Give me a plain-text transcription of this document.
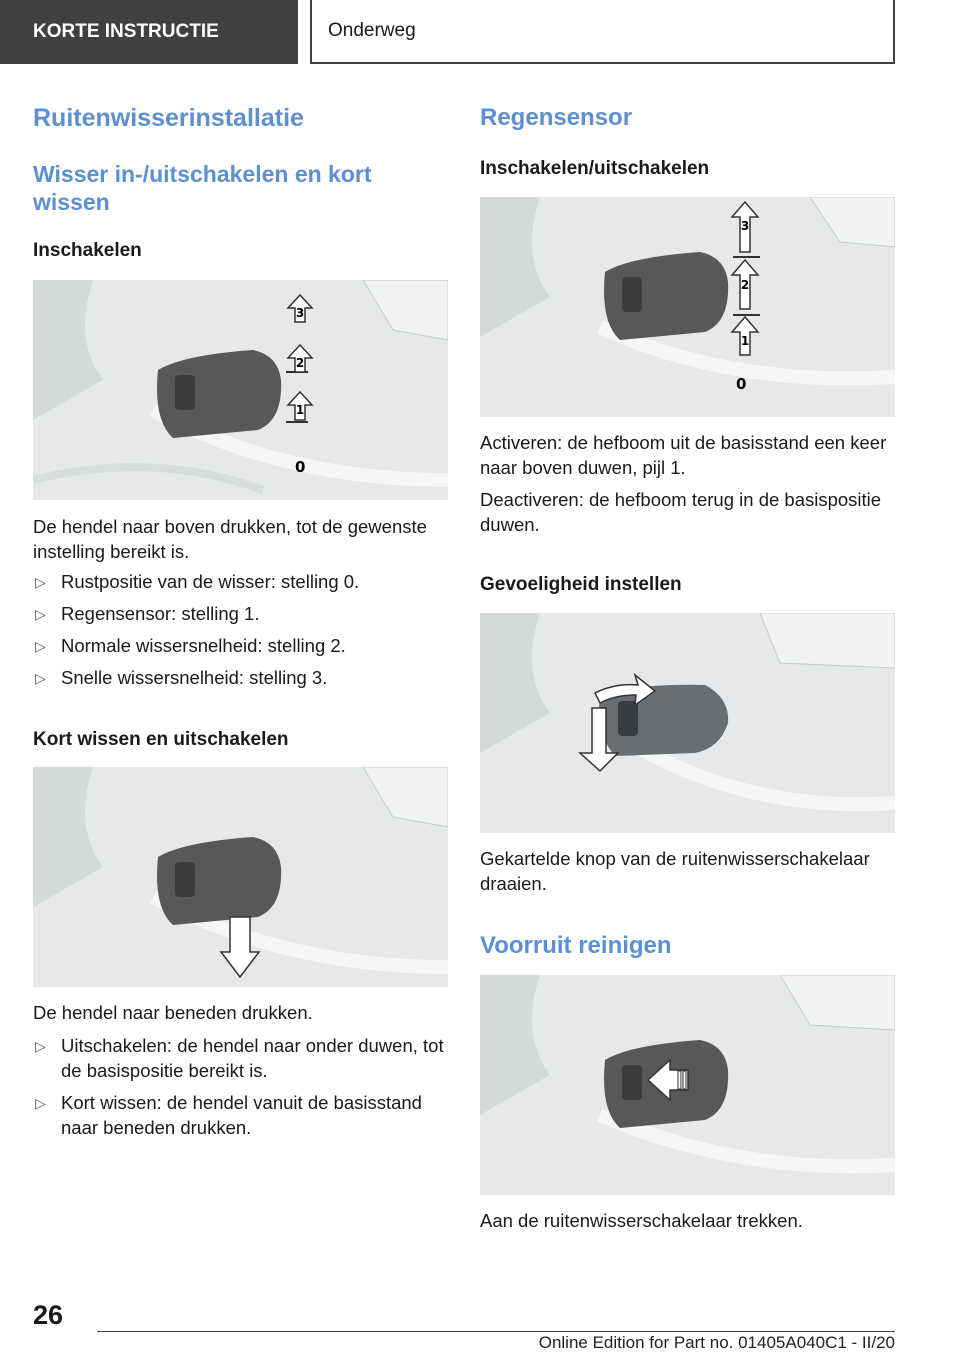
KORTE INSTRUCTIE	Onderweg
Ruitenwisserinstallatie
Wisser in-/uitschakelen en kort wissen
Inschakelen
1
2
3
0
De hendel naar boven drukken, tot de gewenste instelling bereikt is.
▷ Rustpositie van de wisser: stelling 0.
▷ Regensensor: stelling 1.
▷ Normale wissersnelheid: stelling 2.
▷ Snelle wissersnelheid: stelling 3.
Kort wissen en uitschakelen
De hendel naar beneden drukken.
▷ Uitschakelen: de hendel naar onder duwen, tot de basispositie bereikt is.
▷ Kort wissen: de hendel vanuit de basisstand naar beneden drukken.
Regensensor
Inschakelen/uitschakelen
1
2
3
0
Activeren: de hefboom uit de basisstand een keer naar boven duwen, pijl 1.
Deactiveren: de hefboom terug in de basispositie duwen.
Gevoeligheid instellen
Gekartelde knop van de ruitenwisserschakelaar draaien.
Voorruit reinigen
Aan de ruitenwisserschakelaar trekken.
26
Online Edition for Part no. 01405A040C1 - II/20
